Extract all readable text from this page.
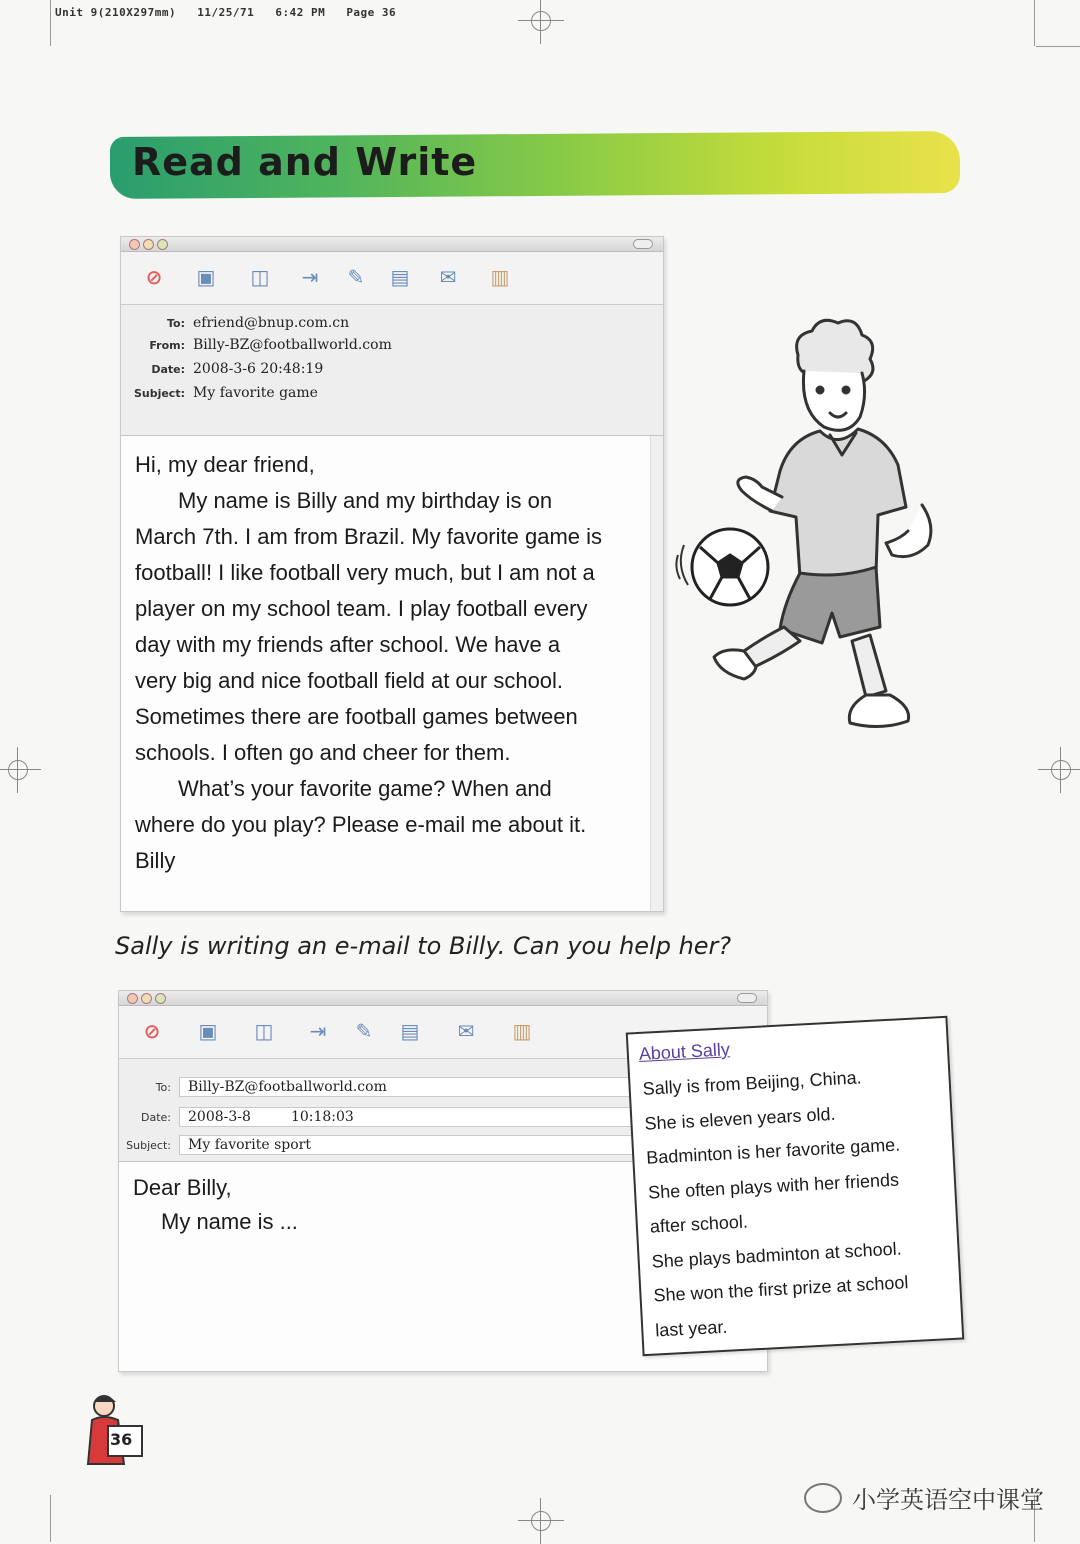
Unit 9(210X297mm) 11/25/71 6:42 PM Page 36
Read and Write
⊘ ▣ ◫ ⇥ ✎ ▤ ✉ ▥
To: efriend@bnup.com.cn
From: Billy-BZ@footballworld.com
Date: 2008-3-6 20:48:19
Subject: My favorite game
Hi, my dear friend,
My name is Billy and my birthday is on
March 7th. I am from Brazil. My favorite game is
football! I like football very much, but I am not a
player on my school team. I play football every
day with my friends after school. We have a
very big and nice football field at our school.
Sometimes there are football games between
schools. I often go and cheer for them.
What’s your favorite game? When and
where do you play? Please e-mail me about it.
Billy
Sally is writing an e-mail to Billy. Can you help her?
⊘ ▣ ◫ ⇥ ✎ ▤ ✉ ▥
To: Billy-BZ@footballworld.com
Date: 2008-3-8         10:18:03
Subject: My favorite sport
Dear Billy,
My name is ...
About Sally
Sally is from Beijing, China.
She is eleven years old.
Badminton is her favorite game.
She often plays with her friends
after school.
She plays badminton at school.
She won the first prize at school
last year.
36
小学英语空中课堂
